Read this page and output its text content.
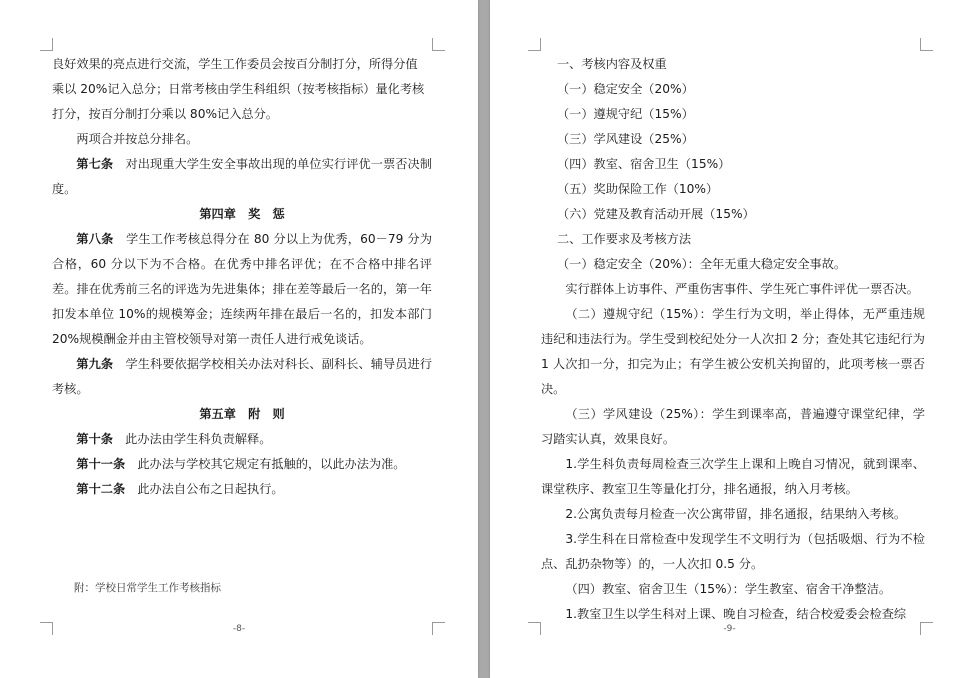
良好效果的亮点进行交流，学生工作委员会按百分制打分，所得分值

乘以 20%记入总分；日常考核由学生科组织（按考核指标）量化考核

打分，按百分制打分乘以 80%记入总分。

两项合并按总分排名。

第七条　对出现重大学生安全事故出现的单位实行评优一票否决制度。

第四章　奖　惩

第八条　学生工作考核总得分在 80 分以上为优秀，60－79 分为合格，60 分以下为不合格。在优秀中排名评优；在不合格中排名评差。排在优秀前三名的评选为先进集体；排在差等最后一名的，第一年扣发本单位 10%的规模筹金；连续两年排在最后一名的，扣发本部门 20%规模酬金并由主管校领导对第一责任人进行戒免谈话。

第九条　学生科要依据学校相关办法对科长、副科长、辅导员进行考核。

第五章　附　则

第十条　此办法由学生科负责解释。

第十一条　此办法与学校其它规定有抵触的，以此办法为准。

第十二条　此办法自公布之日起执行。

附：学校日常学生工作考核指标
-8-

一、考核内容及权重

（一）稳定安全（20%）

（一）遵规守纪（15%）

（三）学风建设（25%）

（四）教室、宿舍卫生（15%）

（五）奖助保险工作（10%）

（六）党建及教育活动开展（15%）

二、工作要求及考核方法

（一）稳定安全（20%）：全年无重大稳定安全事故。

实行群体上访事件、严重伤害事件、学生死亡事件评优一票否决。

（二）遵规守纪（15%）：学生行为文明，举止得体，无严重违规违纪和违法行为。学生受到校纪处分一人次扣 2 分；查处其它违纪行为 1 人次扣一分，扣完为止；有学生被公安机关拘留的，此项考核一票否决。

（三）学风建设（25%）：学生到课率高，普遍遵守课堂纪律，学习踏实认真，效果良好。

1.学生科负责每周检查三次学生上课和上晚自习情况，就到课率、课堂秩序、教室卫生等量化打分，排名通报，纳入月考核。

2.公寓负责每月检查一次公寓带留，排名通报，结果纳入考核。

3.学生科在日常检查中发现学生不文明行为（包括吸烟、行为不检点、乱扔杂物等）的，一人次扣 0.5 分。

（四）教室、宿舍卫生（15%）：学生教室、宿舍干净整洁。

1.教室卫生以学生科对上课、晚自习检查，结合校爱委会检查综

-9-
